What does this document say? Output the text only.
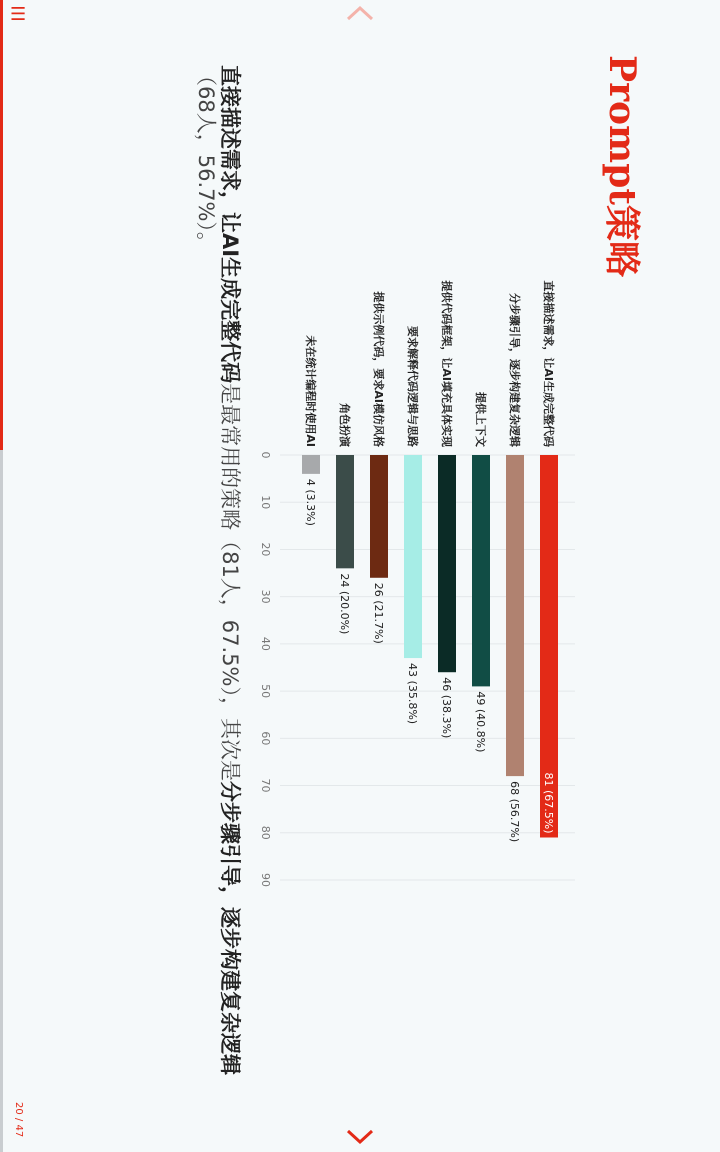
☰
20 / 47
Prompt策略
0
10
20
30
40
50
60
70
80
90
直接描述需求，让AI生成完整代码
81 (67.5%)
分步骤引导，逐步构建复杂逻辑
68 (56.7%)
提供上下文
49 (40.8%)
提供代码框架，让AI填充具体实现
46 (38.3%)
要求解释代码逻辑与思路
43 (35.8%)
提供示例代码，要求AI模仿风格
26 (21.7%)
角色扮演
24 (20.0%)
未在统计编程时使用AI
4 (3.3%)
直接描述需求，让AI生成完整代码是最常用的策略（81人，67.5%），其次是分步骤引导，逐步构建复杂逻辑（68人，56.7%）。
